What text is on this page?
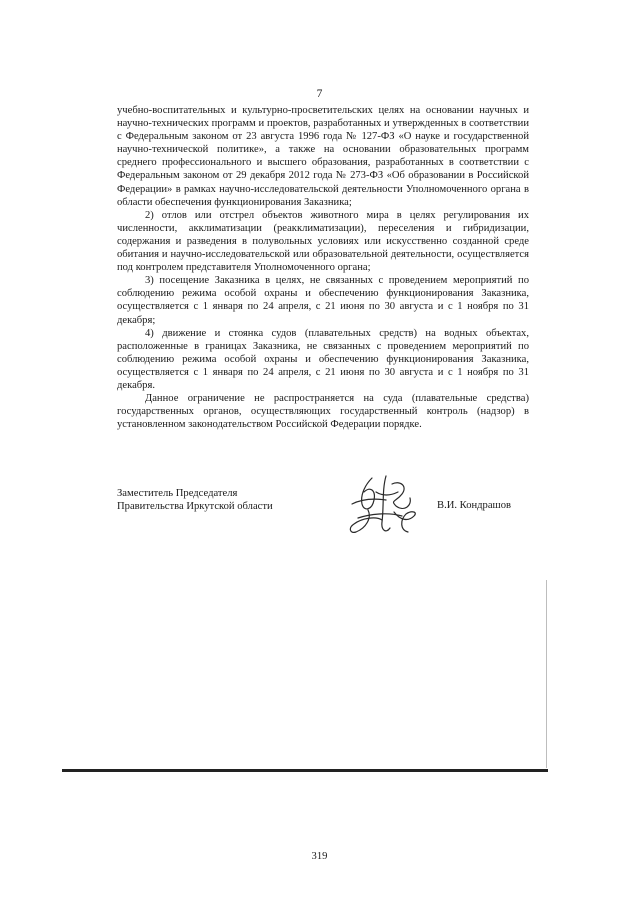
7

учебно-воспитательных и культурно-просветительских целях на основании научных и научно-технических программ и проектов, разработанных и утвержденных в соответствии с Федеральным законом от 23 августа 1996 года № 127-ФЗ «О науке и государственной научно-технической политике», а также на основании образовательных программ среднего профессионального и высшего образования, разработанных в соответствии с Федеральным законом от 29 декабря 2012 года № 273-ФЗ «Об образовании в Российской Федерации» в рамках научно-исследовательской деятельности Уполномоченного органа в области обеспечения функционирования Заказника;

2) отлов или отстрел объектов животного мира в целях регулирования их численности, акклиматизации (реакклиматизации), переселения и гибридизации, содержания и разведения в полувольных условиях или искусственно созданной среде обитания и научно-исследовательской или образовательной деятельности, осуществляется под контролем представителя Уполномоченного органа;

3) посещение Заказника в целях, не связанных с проведением мероприятий по соблюдению режима особой охраны и обеспечению функционирования Заказника, осуществляется с 1 января по 24 апреля, с 21 июня по 30 августа и с 1 ноября по 31 декабря;

4) движение и стоянка судов (плавательных средств) на водных объектах, расположенные в границах Заказника, не связанных с проведением мероприятий по соблюдению режима особой охраны и обеспечению функционирования Заказника, осуществляется с 1 января по 24 апреля, с 21 июня по 30 августа и с 1 ноября по 31 декабря.

Данное ограничение не распространяется на суда (плавательные средства) государственных органов, осуществляющих государственный контроль (надзор) в установленном законодательством Российской Федерации порядке.

Заместитель Председателя
Правительства Иркутской области	В.И. Кондрашов
319
